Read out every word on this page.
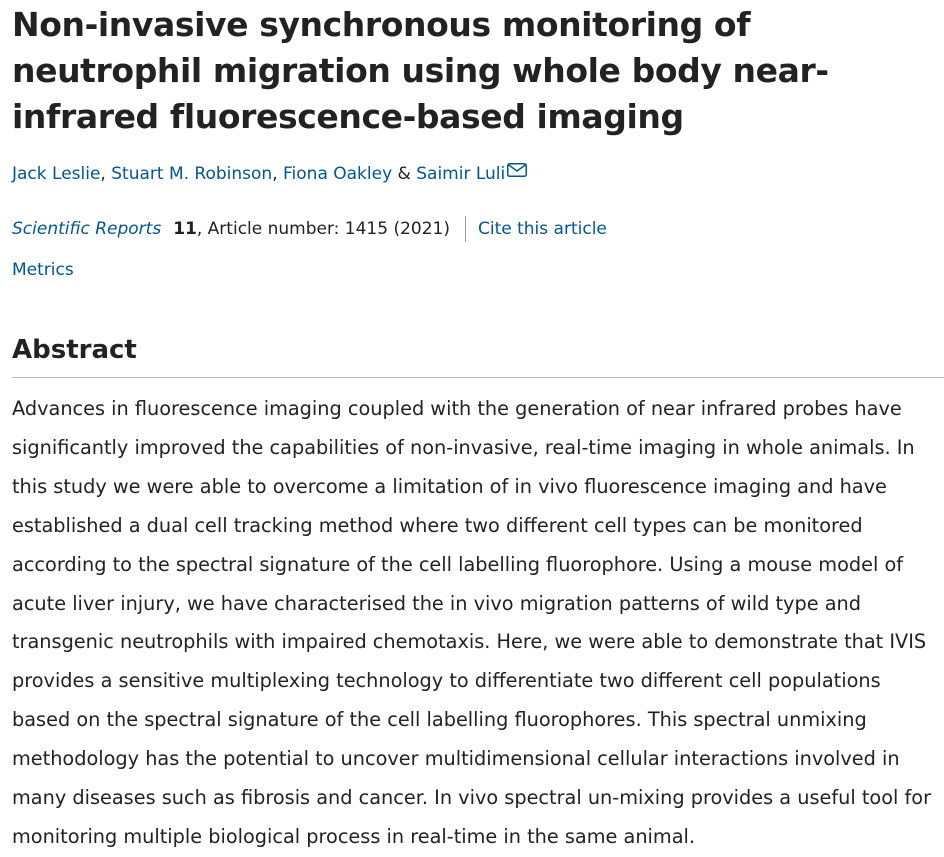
Non-invasive synchronous monitoring of neutrophil migration using whole body near-infrared fluorescence-based imaging
Jack Leslie, Stuart M. Robinson, Fiona Oakley & Saimir Luli
Scientific Reports 11 , Article number: 1415 (2021) Cite this article
Metrics
Abstract

Advances in fluorescence imaging coupled with the generation of near infrared probes have
significantly improved the capabilities of non-invasive, real-time imaging in whole animals. In
this study we were able to overcome a limitation of in vivo fluorescence imaging and have
established a dual cell tracking method where two different cell types can be monitored
according to the spectral signature of the cell labelling fluorophore. Using a mouse model of
acute liver injury, we have characterised the in vivo migration patterns of wild type and
transgenic neutrophils with impaired chemotaxis. Here, we were able to demonstrate that IVIS
provides a sensitive multiplexing technology to differentiate two different cell populations
based on the spectral signature of the cell labelling fluorophores. This spectral unmixing
methodology has the potential to uncover multidimensional cellular interactions involved in
many diseases such as fibrosis and cancer. In vivo spectral un-mixing provides a useful tool for
monitoring multiple biological process in real-time in the same animal.
